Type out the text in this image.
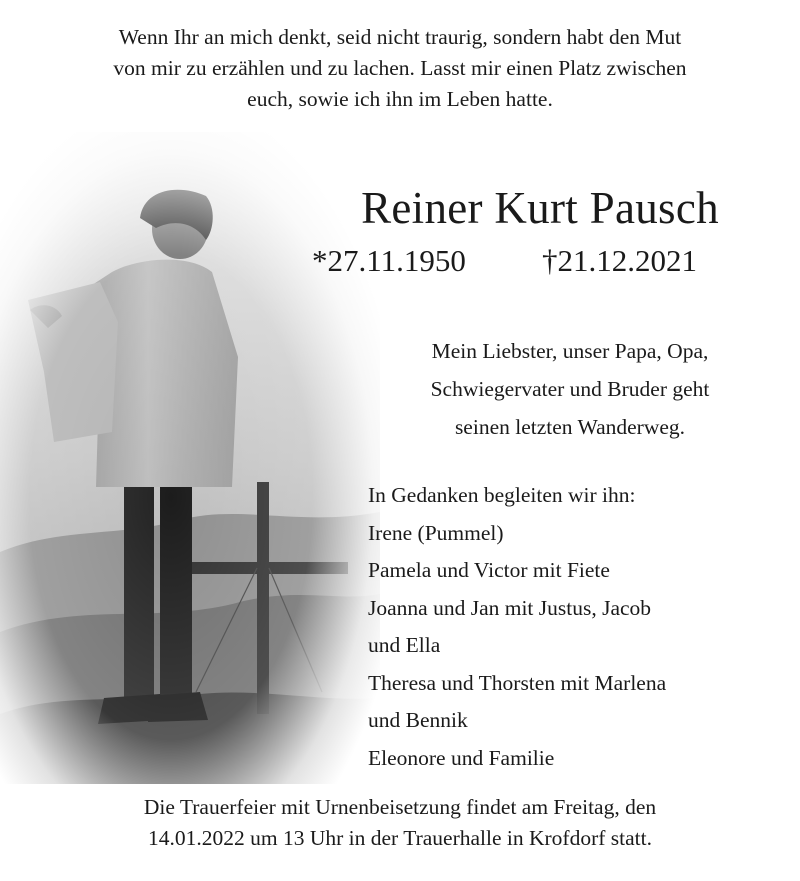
Wenn Ihr an mich denkt, seid nicht traurig, sondern habt den Mut
von mir zu erzählen und zu lachen. Lasst mir einen Platz zwischen
euch, sowie ich ihn im Leben hatte.
Reiner Kurt Pausch
*27.11.1950 †21.12.2021
Mein Liebster, unser Papa, Opa,
Schwiegervater und Bruder geht
seinen letzten Wanderweg.
In Gedanken begleiten wir ihn:
Irene (Pummel)
Pamela und Victor mit Fiete
Joanna und Jan mit Justus, Jacob
und Ella
Theresa und Thorsten mit Marlena
und Bennik
Eleonore und Familie
Die Trauerfeier mit Urnenbeisetzung findet am Freitag, den
14.01.2022 um 13 Uhr in der Trauerhalle in Krofdorf statt.
